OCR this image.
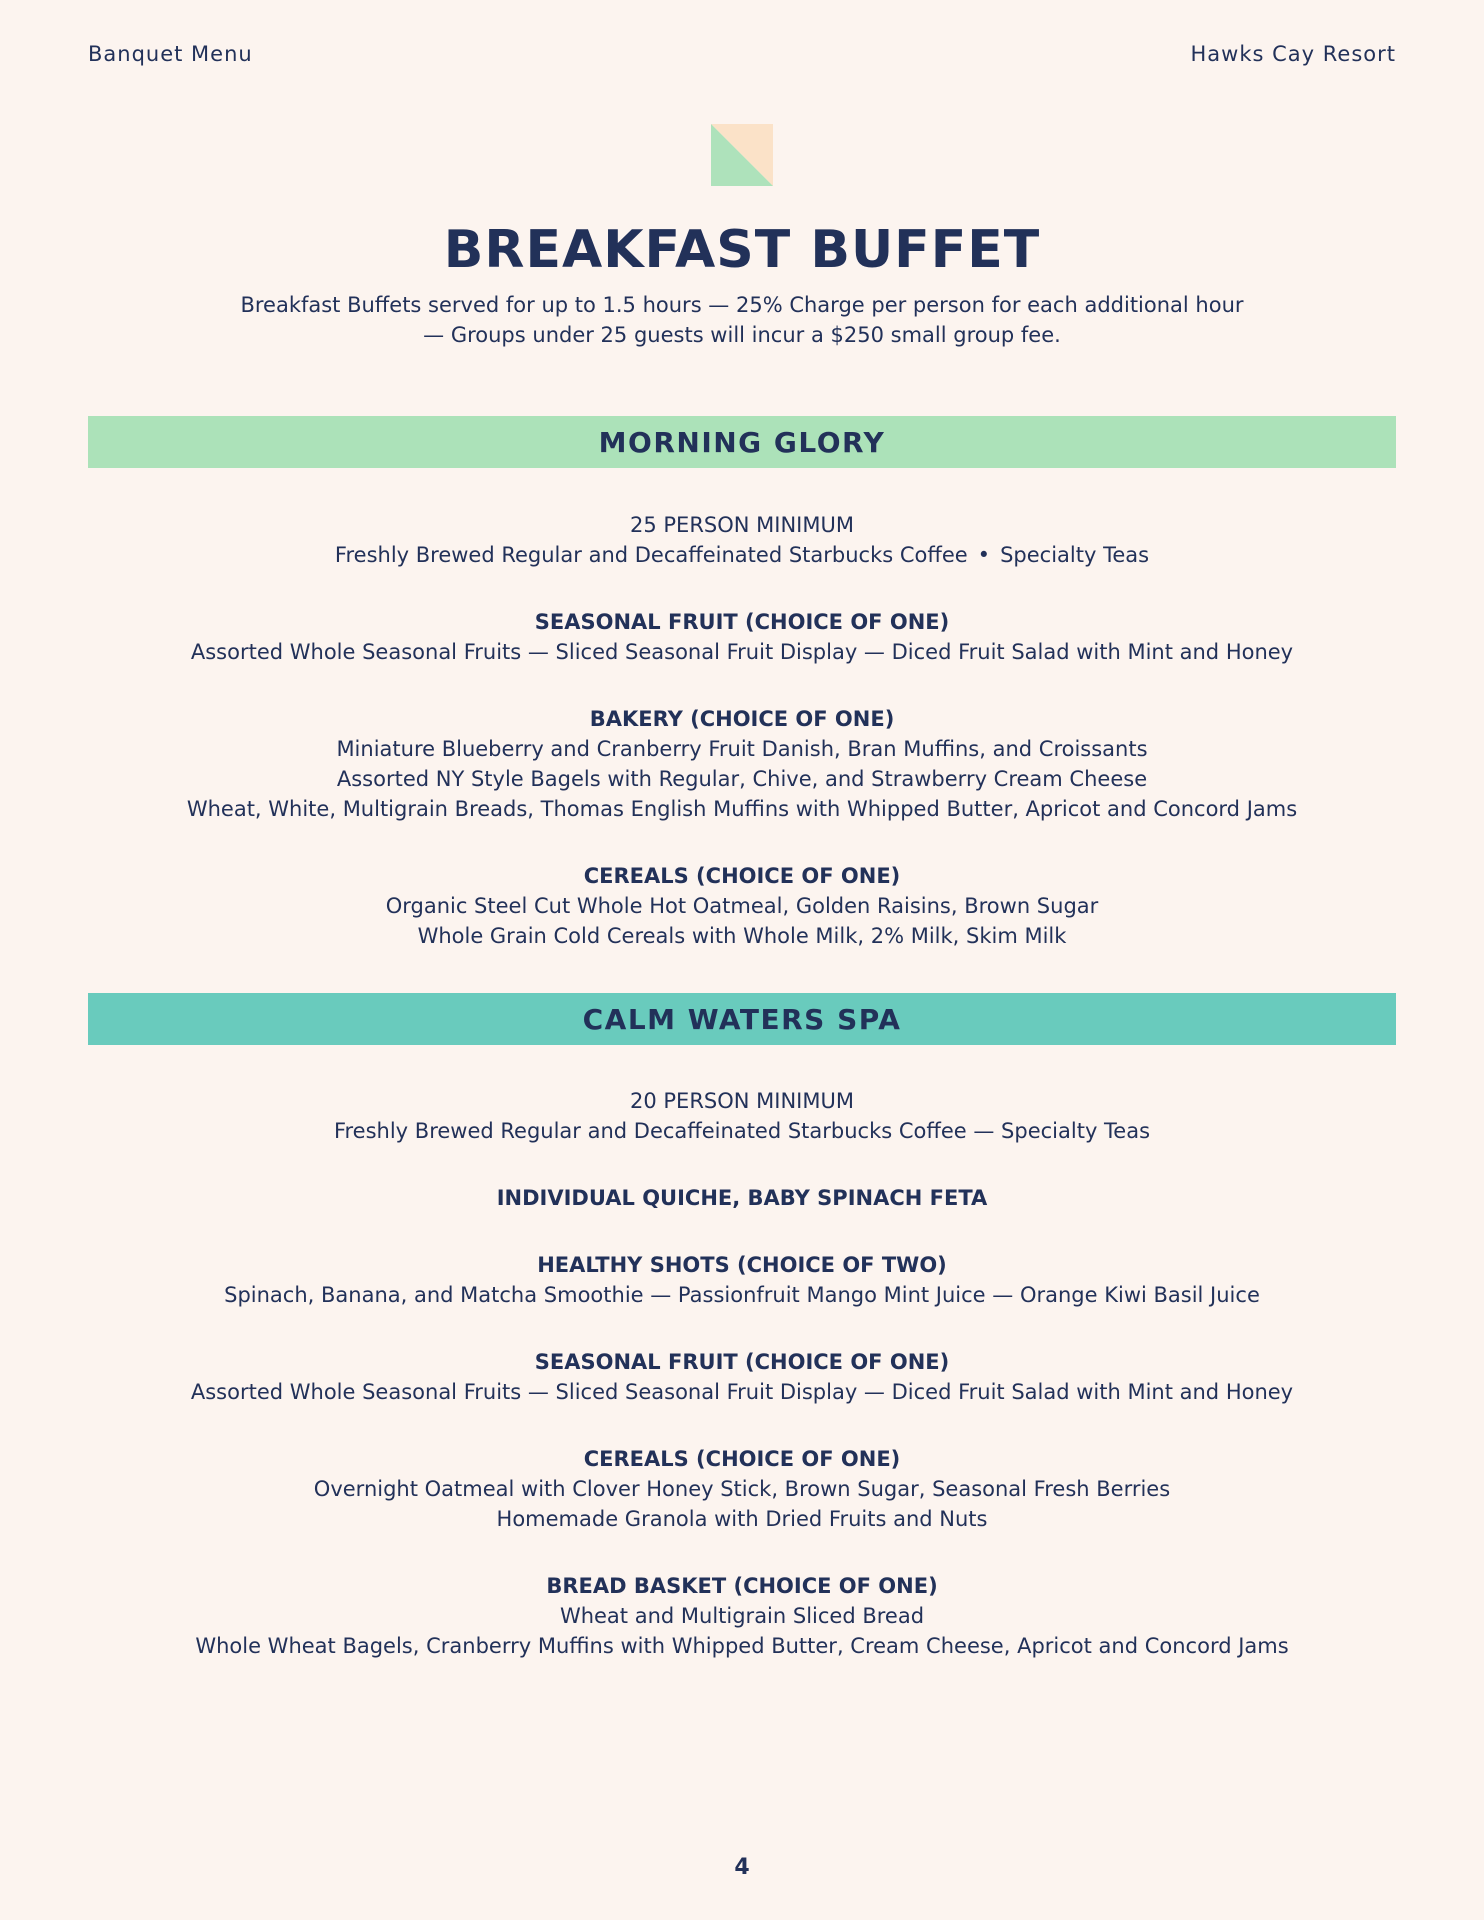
Banquet Menu	Hawks Cay Resort
BREAKFAST BUFFET
Breakfast Buffets served for up to 1.5 hours — 25% Charge per person for each additional hour
— Groups under 25 guests will incur a $250 small group fee.
MORNING GLORY
25 PERSON MINIMUM
Freshly Brewed Regular and Decaffeinated Starbucks Coffee • Specialty Teas
SEASONAL FRUIT (CHOICE OF ONE)
Assorted Whole Seasonal Fruits — Sliced Seasonal Fruit Display — Diced Fruit Salad with Mint and Honey
BAKERY (CHOICE OF ONE)
Miniature Blueberry and Cranberry Fruit Danish, Bran Muffins, and Croissants
Assorted NY Style Bagels with Regular, Chive, and Strawberry Cream Cheese
Wheat, White, Multigrain Breads, Thomas English Muffins with Whipped Butter, Apricot and Concord Jams
CEREALS (CHOICE OF ONE)
Organic Steel Cut Whole Hot Oatmeal, Golden Raisins, Brown Sugar
Whole Grain Cold Cereals with Whole Milk, 2% Milk, Skim Milk
CALM WATERS SPA
20 PERSON MINIMUM
Freshly Brewed Regular and Decaffeinated Starbucks Coffee — Specialty Teas
INDIVIDUAL QUICHE, BABY SPINACH FETA
HEALTHY SHOTS (CHOICE OF TWO)
Spinach, Banana, and Matcha Smoothie — Passionfruit Mango Mint Juice — Orange Kiwi Basil Juice
SEASONAL FRUIT (CHOICE OF ONE)
Assorted Whole Seasonal Fruits — Sliced Seasonal Fruit Display — Diced Fruit Salad with Mint and Honey
CEREALS (CHOICE OF ONE)
Overnight Oatmeal with Clover Honey Stick, Brown Sugar, Seasonal Fresh Berries
Homemade Granola with Dried Fruits and Nuts
BREAD BASKET (CHOICE OF ONE)
Wheat and Multigrain Sliced Bread
Whole Wheat Bagels, Cranberry Muffins with Whipped Butter, Cream Cheese, Apricot and Concord Jams
4
